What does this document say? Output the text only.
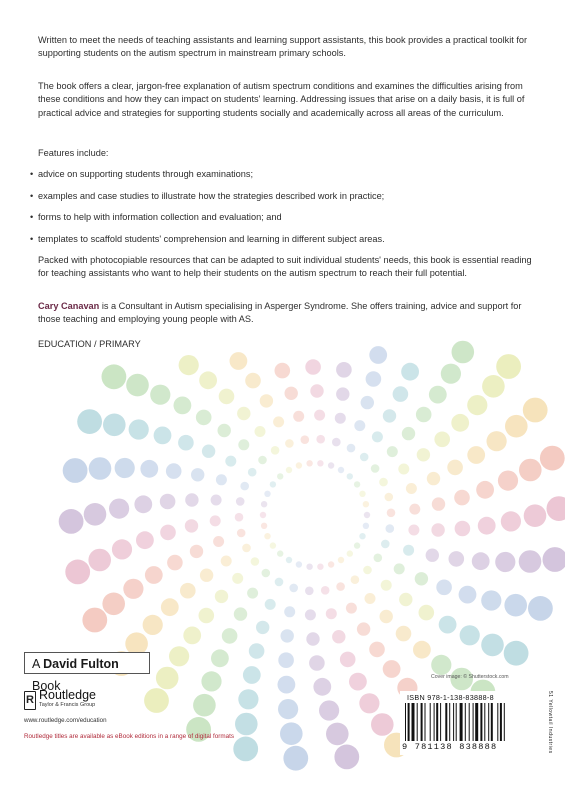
Written to meet the needs of teaching assistants and learning support assistants, this book provides a practical toolkit for supporting students on the autism spectrum in mainstream primary schools.

The book offers a clear, jargon-free explanation of autism spectrum conditions and examines the difficulties arising from these conditions and how they can impact on students' learning. Addressing issues that arise on a daily basis, it is full of practical advice and strategies for supporting students socially and academically across all areas of the curriculum.

Features include:

• advice on supporting students through examinations;
• examples and case studies to illustrate how the strategies described work in practice;
• forms to help with information collection and evaluation; and
• templates to scaffold students' comprehension and learning in different subject areas.

Packed with photocopiable resources that can be adapted to suit individual students' needs, this book is essential reading for teaching assistants who want to help their students on the autism spectrum to reach their full potential.

Cary Canavan is a Consultant in Autism specialising in Asperger Syndrome. She offers training, advice and support for those teaching and employing young people with AS.

EDUCATION / PRIMARY
A David Fulton Book
R Routledge
Taylor & Francis Group
www.routledge.com/education
Routledge titles are available as eBook editions in a range of digital formats
Cover image: © Shutterstock.com
ISBN 978-1-138-83888-8
9 781138 838888	51 Yellowtail Industries
